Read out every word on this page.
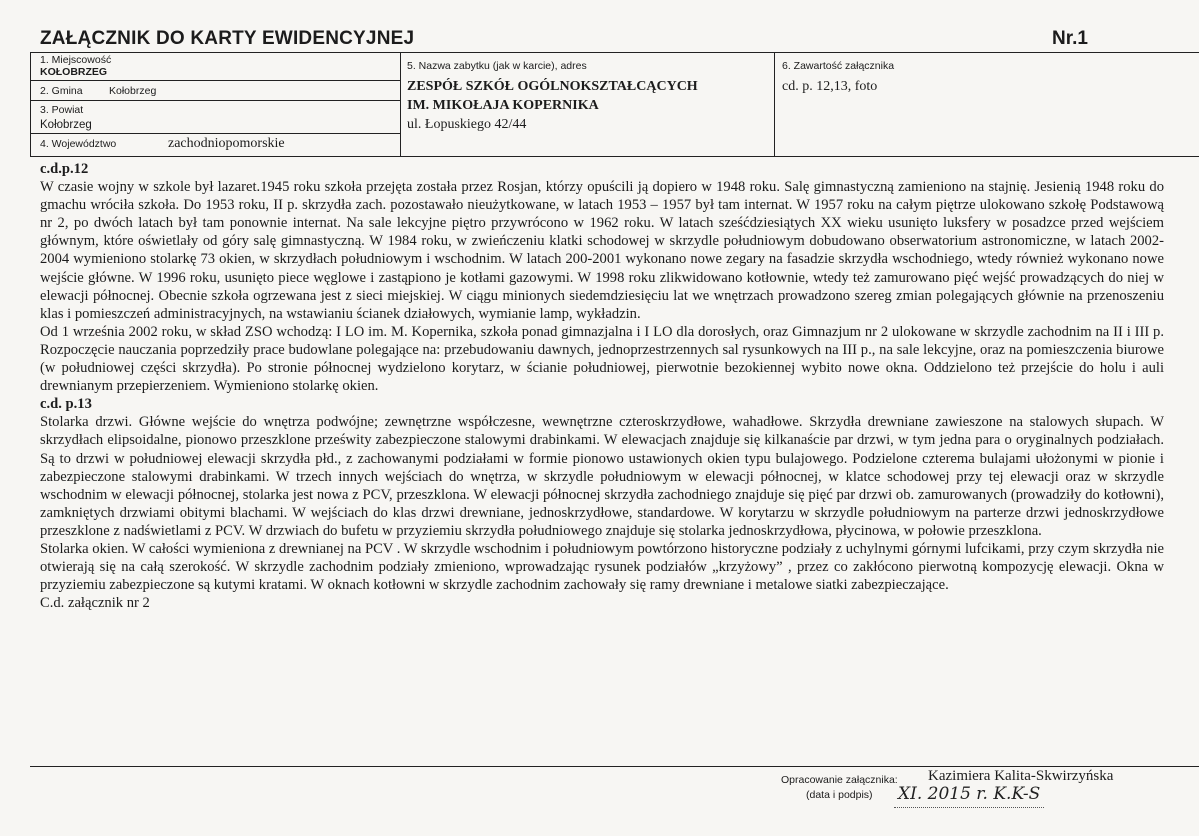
ZAŁĄCZNIK DO KARTY EWIDENCYJNEJ	Nr.1
1. Miejscowość
KOŁOBRZEG
2. Gmina	Kołobrzeg
3. Powiat
Kołobrzeg
4. Województwo	zachodniopomorskie
5. Nazwa zabytku (jak w karcie), adres
ZESPÓŁ SZKÓŁ OGÓLNOKSZTAŁCĄCYCH
IM. MIKOŁAJA KOPERNIKA
ul. Łopuskiego 42/44
6. Zawartość załącznika
cd. p. 12,13, foto

c.d.p.12

W czasie wojny w szkole był lazaret.1945 roku szkoła przejęta została przez Rosjan, którzy opuścili ją dopiero w 1948 roku. Salę gimnastyczną zamieniono na stajnię. Jesienią 1948 roku do gmachu wróciła szkoła. Do 1953 roku, II p. skrzydła zach. pozostawało nieużytkowane, w latach 1953 – 1957 był tam internat. W 1957 roku na całym piętrze ulokowano szkołę Podstawową nr 2, po dwóch latach był tam ponownie internat. Na sale lekcyjne piętro przywrócono w 1962 roku. W latach sześćdziesiątych XX wieku usunięto luksfery w posadzce przed wejściem głównym, które oświetlały od góry salę gimnastyczną. W 1984 roku, w zwieńczeniu klatki schodowej w skrzydle południowym dobudowano obserwatorium astronomiczne, w latach 2002- 2004 wymieniono stolarkę 73 okien, w skrzydłach południowym i wschodnim. W latach 200-2001 wykonano nowe zegary na fasadzie skrzydła wschodniego, wtedy również wykonano nowe wejście główne. W 1996 roku, usunięto piece węglowe i zastąpiono je kotłami gazowymi. W 1998 roku zlikwidowano kotłownie, wtedy też zamurowano pięć wejść prowadzących do niej w elewacji północnej. Obecnie szkoła ogrzewana jest z sieci miejskiej. W ciągu minionych siedemdziesięciu lat we wnętrzach prowadzono szereg zmian polegających głównie na przenoszeniu klas i pomieszczeń administracyjnych, na wstawianiu ścianek działowych, wymianie lamp, wykładzin.

Od 1 września 2002 roku, w skład ZSO wchodzą: I LO im. M. Kopernika, szkoła ponad gimnazjalna i I LO dla dorosłych, oraz Gimnazjum nr 2 ulokowane w skrzydle zachodnim na II i III p. Rozpoczęcie nauczania poprzedziły prace budowlane polegające na: przebudowaniu dawnych, jednoprzestrzennych sal rysunkowych na III p., na sale lekcyjne, oraz na pomieszczenia biurowe (w południowej części skrzydła). Po stronie północnej wydzielono korytarz, w ścianie południowej, pierwotnie bezokiennej wybito nowe okna. Oddzielono też przejście do holu i auli drewnianym przepierzeniem. Wymieniono stolarkę okien.

c.d. p.13

Stolarka drzwi. Główne wejście do wnętrza podwójne; zewnętrzne współczesne, wewnętrzne czteroskrzydłowe, wahadłowe. Skrzydła drewniane zawieszone na stalowych słupach. W skrzydłach elipsoidalne, pionowo przeszklone prześwity zabezpieczone stalowymi drabinkami. W elewacjach znajduje się kilkanaście par drzwi, w tym jedna para o oryginalnych podziałach. Są to drzwi w południowej elewacji skrzydła płd., z zachowanymi podziałami w formie pionowo ustawionych okien typu bulajowego. Podzielone czterema bulajami ułożonymi w pionie i zabezpieczone stalowymi drabinkami. W trzech innych wejściach do wnętrza, w skrzydle południowym w elewacji północnej, w klatce schodowej przy tej elewacji oraz w skrzydle wschodnim w elewacji północnej, stolarka jest nowa z PCV, przeszklona. W elewacji północnej skrzydła zachodniego znajduje się pięć par drzwi ob. zamurowanych (prowadziły do kotłowni), zamkniętych drzwiami obitymi blachami. W wejściach do klas drzwi drewniane, jednoskrzydłowe, standardowe. W korytarzu w skrzydle południowym na parterze drzwi jednoskrzydłowe przeszklone z nadświetlami z PCV. W drzwiach do bufetu w przyziemiu skrzydła południowego znajduje się stolarka jednoskrzydłowa, płycinowa, w połowie przeszklona.

Stolarka okien. W całości wymieniona z drewnianej na PCV . W skrzydle wschodnim i południowym powtórzono historyczne podziały z uchylnymi górnymi lufcikami, przy czym skrzydła nie otwierają się na całą szerokość. W skrzydle zachodnim podziały zmieniono, wprowadzając rysunek podziałów „krzyżowy” , przez co zakłócono pierwotną kompozycję elewacji. Okna w przyziemiu zabezpieczone są kutymi kratami. W oknach kotłowni w skrzydle zachodnim zachowały się ramy drewniane i metalowe siatki zabezpieczające.

C.d. załącznik nr 2

Opracowanie załącznika:
(data i podpis)
Kazimiera Kalita-Skwirzyńska
XI. 2015 r. K.K-S
